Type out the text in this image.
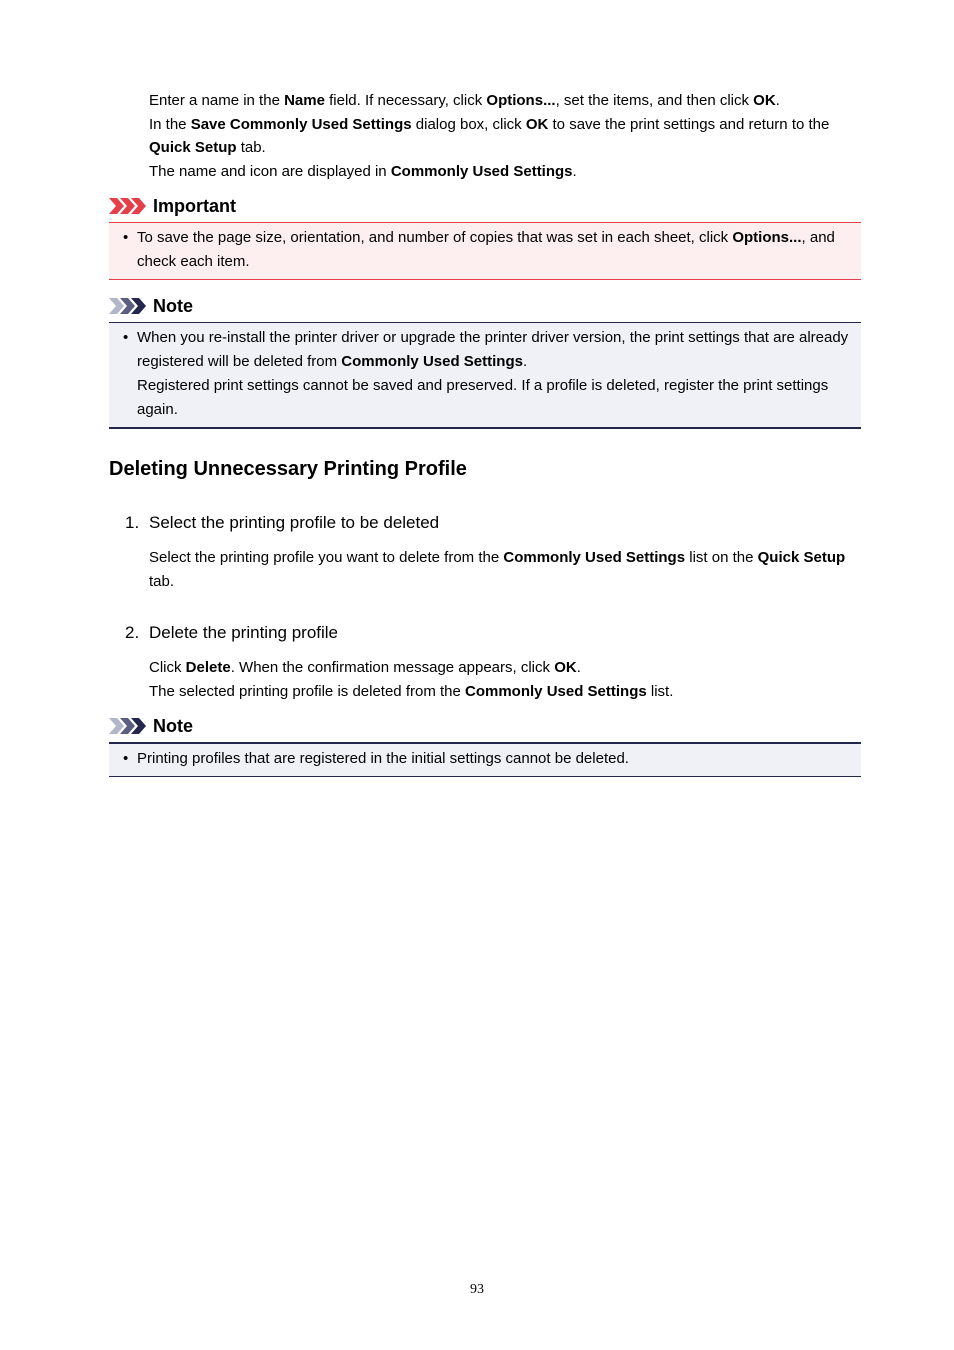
Enter a name in the Name field. If necessary, click Options..., set the items, and then click OK.
In the Save Commonly Used Settings dialog box, click OK to save the print settings and return to the Quick Setup tab.
The name and icon are displayed in Commonly Used Settings.
Important
• To save the page size, orientation, and number of copies that was set in each sheet, click Options..., and check each item.
Note
• When you re-install the printer driver or upgrade the printer driver version, the print settings that are already registered will be deleted from Commonly Used Settings.
Registered print settings cannot be saved and preserved. If a profile is deleted, register the print settings again.
Deleting Unnecessary Printing Profile
1. Select the printing profile to be deleted
Select the printing profile you want to delete from the Commonly Used Settings list on the Quick Setup tab.
2. Delete the printing profile
Click Delete. When the confirmation message appears, click OK.
The selected printing profile is deleted from the Commonly Used Settings list.
Note
• Printing profiles that are registered in the initial settings cannot be deleted.
93
